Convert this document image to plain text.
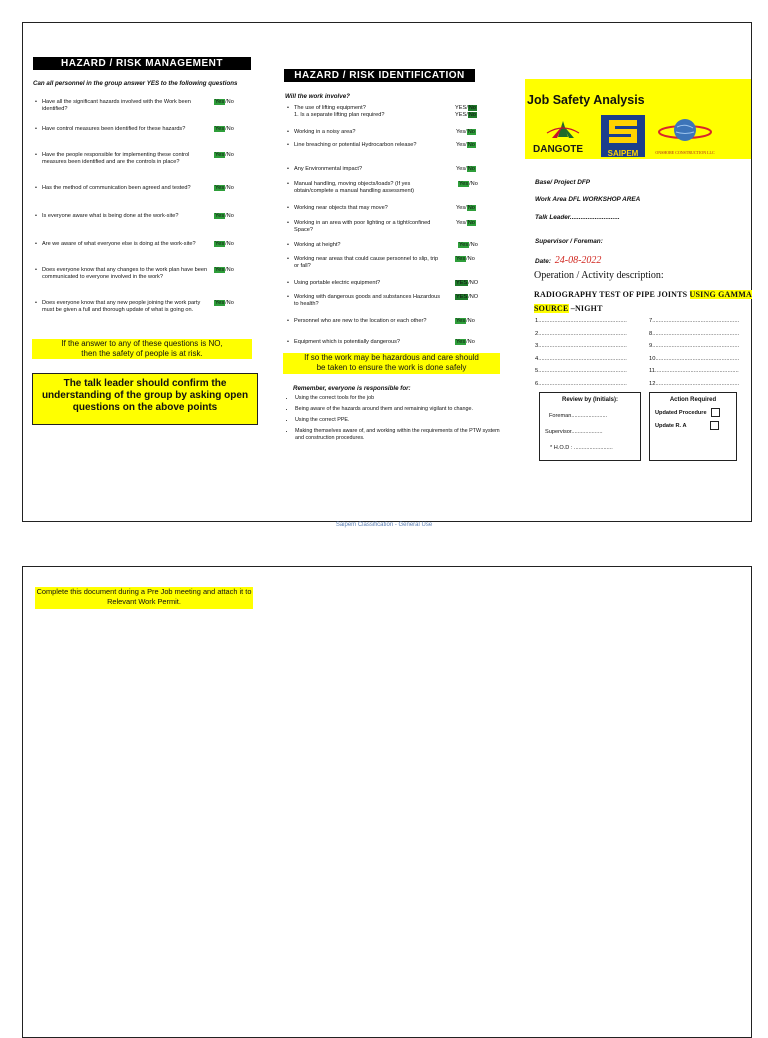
HAZARD / RISK MANAGEMENT
Can all personnel in the group answer YES to the following questions
If the answer to any of these questions is NO,
then the safety of people is at risk.
The talk leader should confirm the understanding of the group by asking open questions on the above points
HAZARD / RISK IDENTIFICATION
Will the work involve?
If so the work may be hazardous and care should
be taken to ensure the work is done safely
Remember, everyone is responsible for:
• Using the correct tools for the job
• Being aware of the hazards around them and remaining vigilant to change.
• Using the correct PPE.
• Making themselves aware of, and working within the requirements of the PTW system and construction procedures.
Job Safety Analysis
DANGOTE	SAIPEM	ONSHORE CONSTRUCTION LLC
Base/ Project DFP
Work Area DFL WORKSHOP AREA
Talk Leader............................
Supervisor / Foreman:
Date: 24-08-2022
Operation / Activity description:
RADIOGRAPHY TEST OF PIPE JOINTS USING GAMMA
SOURCE –NIGHT
Review by (Initials):
Foreman.......................
Supervisor....................
* H.O.D : .........................
Action Required
Updated Procedure
Update R. A
• Have all the significant hazards involved with the Work been identified?
Yes/No
• Have control measures been identified for these hazards?	Yes/No
• Have the people responsible for implementing these control measures been identified and are the controls in place?
Yes/No
• Has the method of communication been agreed and tested?	Yes/No
• Is everyone aware what is being done at the work-site?	Yes/No
• Are we aware of what everyone else is doing at the work-site?	Yes/No
• Does everyone know that any changes to the work plan have been communicated to everyone involved in the work?
Yes/No
• Does everyone know that any new people joining the work party must be given a full and thorough update of what is going on.
Yes/No
• The use of lifting equipment?
1. Is a separate lifting plan required?
YES/No
YES/No
• Working in a noisy area?	Yes/No
• Line breaching or potential Hydrocarbon release?	Yes/No
• Any Environmental impact?	Yes/No
• Manual handling, moving objects/loads? (If yes obtain/complete a manual handling assessment)
Yes/No
• Working near objects that may move?	Yes/No
• Working in an area with poor lighting or a tight/confined Space?
Yes/No
• Working at height?	Yes/No
• Working near areas that could cause personnel to slip, trip or fall?
Yes/No
• Using portable electric equipment?	YES/NO
• Working with dangerous goods and substances Hazardous to health?
YES/NO
• Personnel who are new to the location or each other?	Yes/No
• Equipment which is potentially dangerous?	Yes/No
1.......................................................
2.......................................................
3.......................................................
4.......................................................
5.......................................................
6.......................................................
7......................................................
8......................................................
9......................................................
10....................................................
11....................................................
12....................................................
Saipem Classification - General Use
Complete this document during a Pre Job meeting and attach it to Relevant Work Permit.
